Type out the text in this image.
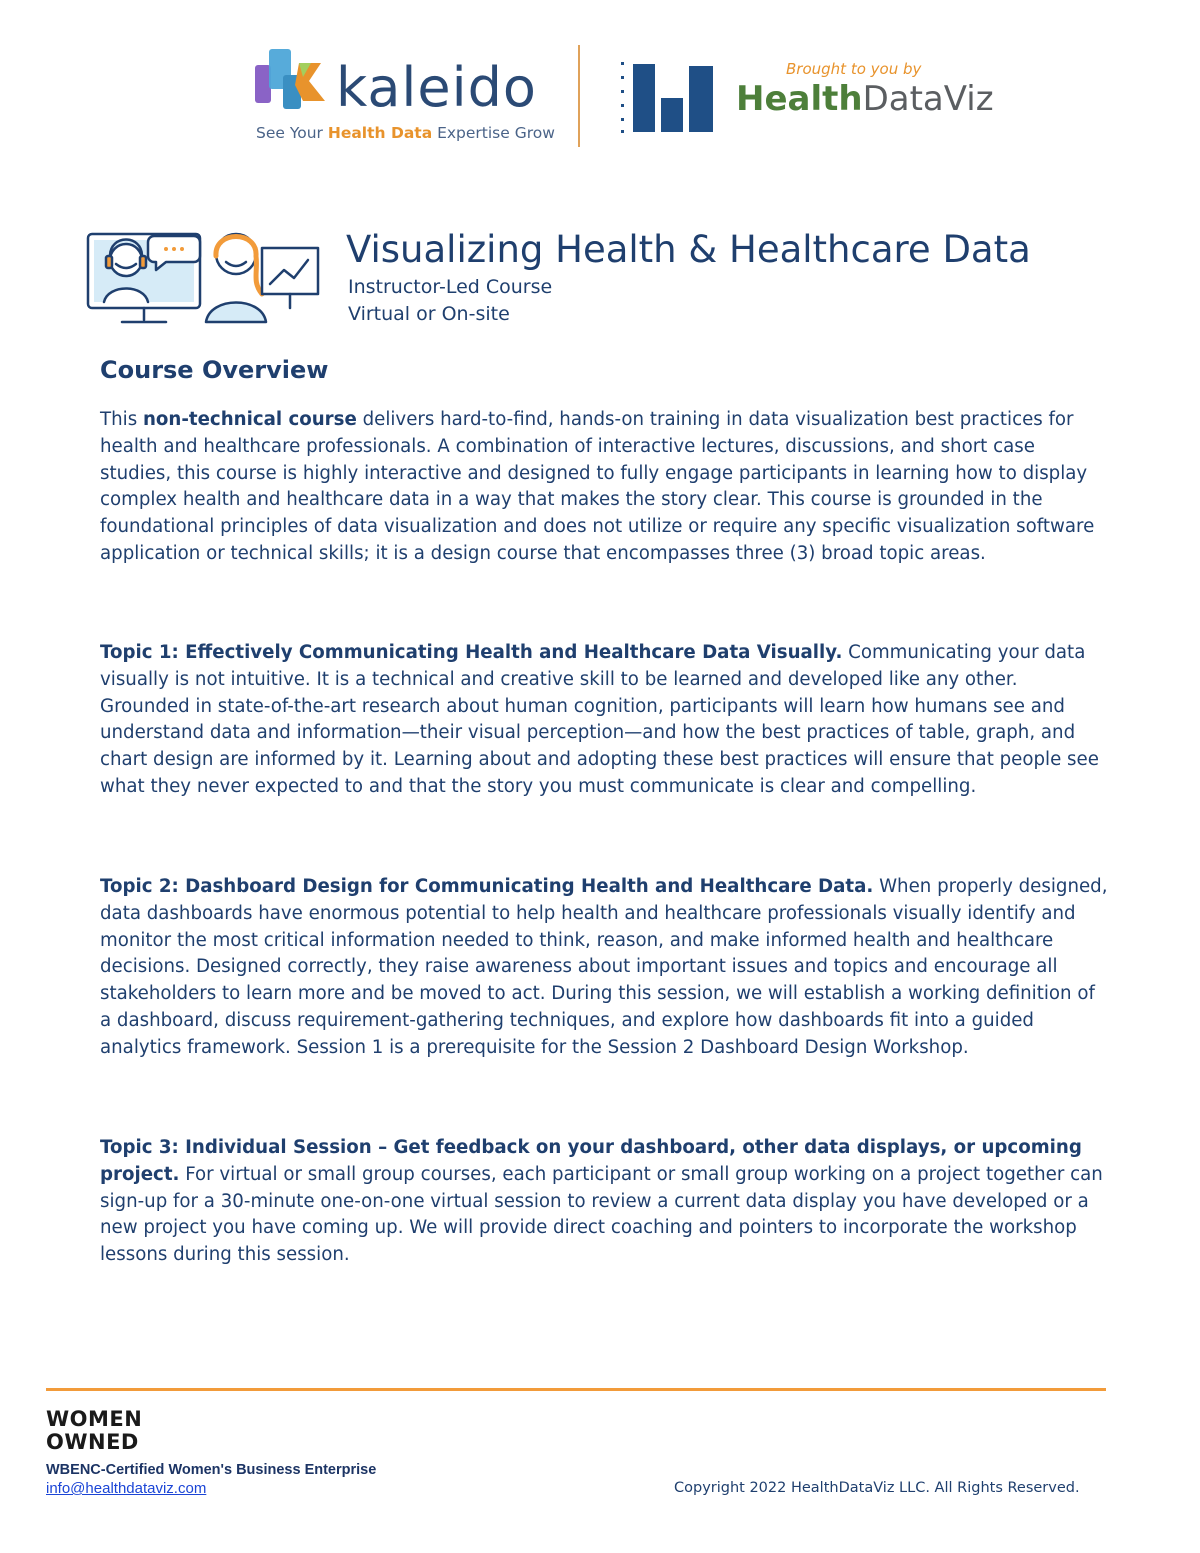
kaleido
See Your Health Data Expertise Grow
Brought to you by
HealthDataViz
Visualizing Health & Healthcare Data
Instructor-Led Course
Virtual or On-site
Course Overview

This non-technical course delivers hard-to-find, hands-on training in data visualization best practices for health and healthcare professionals. A combination of interactive lectures, discussions, and short case studies, this course is highly interactive and designed to fully engage participants in learning how to display complex health and healthcare data in a way that makes the story clear. This course is grounded in the foundational principles of data visualization and does not utilize or require any specific visualization software application or technical skills; it is a design course that encompasses three (3) broad topic areas.

Topic 1: Effectively Communicating Health and Healthcare Data Visually. Communicating your data visually is not intuitive. It is a technical and creative skill to be learned and developed like any other. Grounded in state-of-the-art research about human cognition, participants will learn how humans see and understand data and information—their visual perception—and how the best practices of table, graph, and chart design are informed by it. Learning about and adopting these best practices will ensure that people see what they never expected to and that the story you must communicate is clear and compelling.

Topic 2: Dashboard Design for Communicating Health and Healthcare Data. When properly designed, data dashboards have enormous potential to help health and healthcare professionals visually identify and monitor the most critical information needed to think, reason, and make informed health and healthcare decisions. Designed correctly, they raise awareness about important issues and topics and encourage all stakeholders to learn more and be moved to act. During this session, we will establish a working definition of a dashboard, discuss requirement-gathering techniques, and explore how dashboards fit into a guided analytics framework. Session 1 is a prerequisite for the Session 2 Dashboard Design Workshop.

Topic 3: Individual Session – Get feedback on your dashboard, other data displays, or upcoming project. For virtual or small group courses, each participant or small group working on a project together can sign-up for a 30-minute one-on-one virtual session to review a current data display you have developed or a new project you have coming up. We will provide direct coaching and pointers to incorporate the workshop lessons during this session.

WOMEN
OWNED
WBENC-Certified Women's Business Enterprise
info@healthdataviz.com	Copyright 2022 HealthDataViz LLC. All Rights Reserved.
